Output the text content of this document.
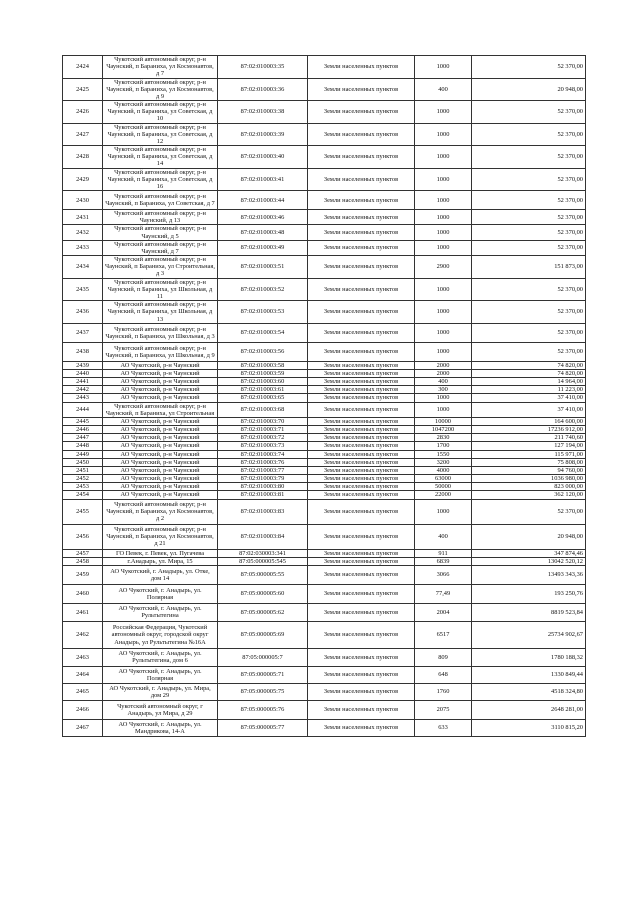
2424	Чукотский автономный округ, р-н Чаунский, п Бараниха, ул Космонавтов, д 7	87:02:010003:35	Земли населенных пунктов	1000	52 370,00
2425	Чукотский автономный округ, р-н Чаунский, п Бараниха, ул Космонавтов, д 9	87:02:010003:36	Земли населенных пунктов	400	20 948,00
2426	Чукотский автономный округ, р-н Чаунский, п Бараниха, ул Советская, д 10	87:02:010003:38	Земли населенных пунктов	1000	52 370,00
2427	Чукотский автономный округ, р-н Чаунский, п Бараниха, ул Советская, д 12	87:02:010003:39	Земли населенных пунктов	1000	52 370,00
2428	Чукотский автономный округ, р-н Чаунский, п Бараниха, ул Советская, д 14	87:02:010003:40	Земли населенных пунктов	1000	52 370,00
2429	Чукотский автономный округ, р-н Чаунский, п Бараниха, ул Советская, д 16	87:02:010003:41	Земли населенных пунктов	1000	52 370,00
2430	Чукотский автономный округ, р-н Чаунский, п Бараниха, ул Советская, д 7	87:02:010003:44	Земли населенных пунктов	1000	52 370,00
2431	Чукотский автономный округ, р-н Чаунский, д 13	87:02:010003:46	Земли населенных пунктов	1000	52 370,00
2432	Чукотский автономный округ, р-н Чаунский, д 5	87:02:010003:48	Земли населенных пунктов	1000	52 370,00
2433	Чукотский автономный округ, р-н Чаунский, д 7	87:02:010003:49	Земли населенных пунктов	1000	52 370,00
2434	Чукотский автономный округ, р-н Чаунский, п Бараниха, ул Строительная, д 3	87:02:010003:51	Земли населенных пунктов	2900	151 873,00
2435	Чукотский автономный округ, р-н Чаунский, п Бараниха, ул Школьная, д 11	87:02:010003:52	Земли населенных пунктов	1000	52 370,00
2436	Чукотский автономный округ, р-н Чаунский, п Бараниха, ул Школьная, д 13	87:02:010003:53	Земли населенных пунктов	1000	52 370,00
2437	Чукотский автономный округ, р-н Чаунский, п Бараниха, ул Школьная, д 3	87:02:010003:54	Земли населенных пунктов	1000	52 370,00
2438	Чукотский автономный округ, р-н Чаунский, п Бараниха, ул Школьная, д 9	87:02:010003:56	Земли населенных пунктов	1000	52 370,00
2439	АО Чукотский, р-н Чаунский	87:02:010003:58	Земли населенных пунктов	2000	74 820,00
2440	АО Чукотский, р-н Чаунский	87:02:010003:59	Земли населенных пунктов	2000	74 820,00
2441	АО Чукотский, р-н Чаунский	87:02:010003:60	Земли населенных пунктов	400	14 964,00
2442	АО Чукотский, р-н Чаунский	87:02:010003:61	Земли населенных пунктов	300	11 223,00
2443	АО Чукотский, р-н Чаунский	87:02:010003:65	Земли населенных пунктов	1000	37 410,00
2444	Чукотский автономный округ, р-н Чаунский, п Бараниха, ул Строительная	87:02:010003:68	Земли населенных пунктов	1000	37 410,00
2445	АО Чукотский, р-н Чаунский	87:02:010003:70	Земли населенных пунктов	10000	164 600,00
2446	АО Чукотский, р-н Чаунский	87:02:010003:71	Земли населенных пунктов	1047200	17236 912,00
2447	АО Чукотский, р-н Чаунский	87:02:010003:72	Земли населенных пунктов	2830	211 740,60
2448	АО Чукотский, р-н Чаунский	87:02:010003:73	Земли населенных пунктов	1700	127 194,00
2449	АО Чукотский, р-н Чаунский	87:02:010003:74	Земли населенных пунктов	1550	115 971,00
2450	АО Чукотский, р-н Чаунский	87:02:010003:76	Земли населенных пунктов	3200	75 808,00
2451	АО Чукотский, р-н Чаунский	87:02:010003:77	Земли населенных пунктов	4000	94 760,00
2452	АО Чукотский, р-н Чаунский	87:02:010003:79	Земли населенных пунктов	63000	1036 980,00
2453	АО Чукотский, р-н Чаунский	87:02:010003:80	Земли населенных пунктов	50000	823 000,00
2454	АО Чукотский, р-н Чаунский	87:02:010003:81	Земли населенных пунктов	22000	362 120,00
2455	Чукотский автономный округ, р-н Чаунский, п Бараниха, ул Космонавтов, д 2	87:02:010003:83	Земли населенных пунктов	1000	52 370,00
2456	Чукотский автономный округ, р-н Чаунский, п Бараниха, ул Космонавтов, д 21	87:02:010003:84	Земли населенных пунктов	400	20 948,00
2457	ГО Певек, г. Певек, ул. Пугачева	87:02:030003:341	Земли населенных пунктов	911	347 874,46
2458	г.Анадырь, ул. Мира, 15	87:05:000005:545	Земли населенных пунктов	6839	13042 520,12
2459	АО Чукотский, г. Анадырь, ул. Отке, дом 14	87:05:000005:55	Земли населенных пунктов	3066	13493 343,36
2460	АО Чукотский, г. Анадырь, ул. Полярная	87:05:000005:60	Земли населенных пунктов	77,49	193 250,76
2461	АО Чукотский, г. Анадырь, ул. Рультытегина	87:05:000005:62	Земли населенных пунктов	2004	8819 523,84
2462	Российская Федерация, Чукотский автономный округ, городской округ Анадырь, ул Рультытегина №16А	87:05:000005:69	Земли населенных пунктов	6517	25734 902,67
2463	АО Чукотский, г. Анадырь, ул. Рультытегина, дом 6	87:05:000005:7	Земли населенных пунктов	809	1780 188,32
2464	АО Чукотский, г. Анадырь, ул. Полярная	87:05:000005:71	Земли населенных пунктов	648	1330 849,44
2465	АО Чукотский, г. Анадырь, ул. Мира, дом 29	87:05:000005:75	Земли населенных пунктов	1760	4518 324,80
2466	Чукотский автономный округ, г Анадырь, ул Мира, д 29	87:05:000005:76	Земли населенных пунктов	2075	2648 281,00
2467	АО Чукотский, г. Анадырь, ул. Мандрикова, 14-А	87:05:000005:77	Земли населенных пунктов	633	3110 815,20
